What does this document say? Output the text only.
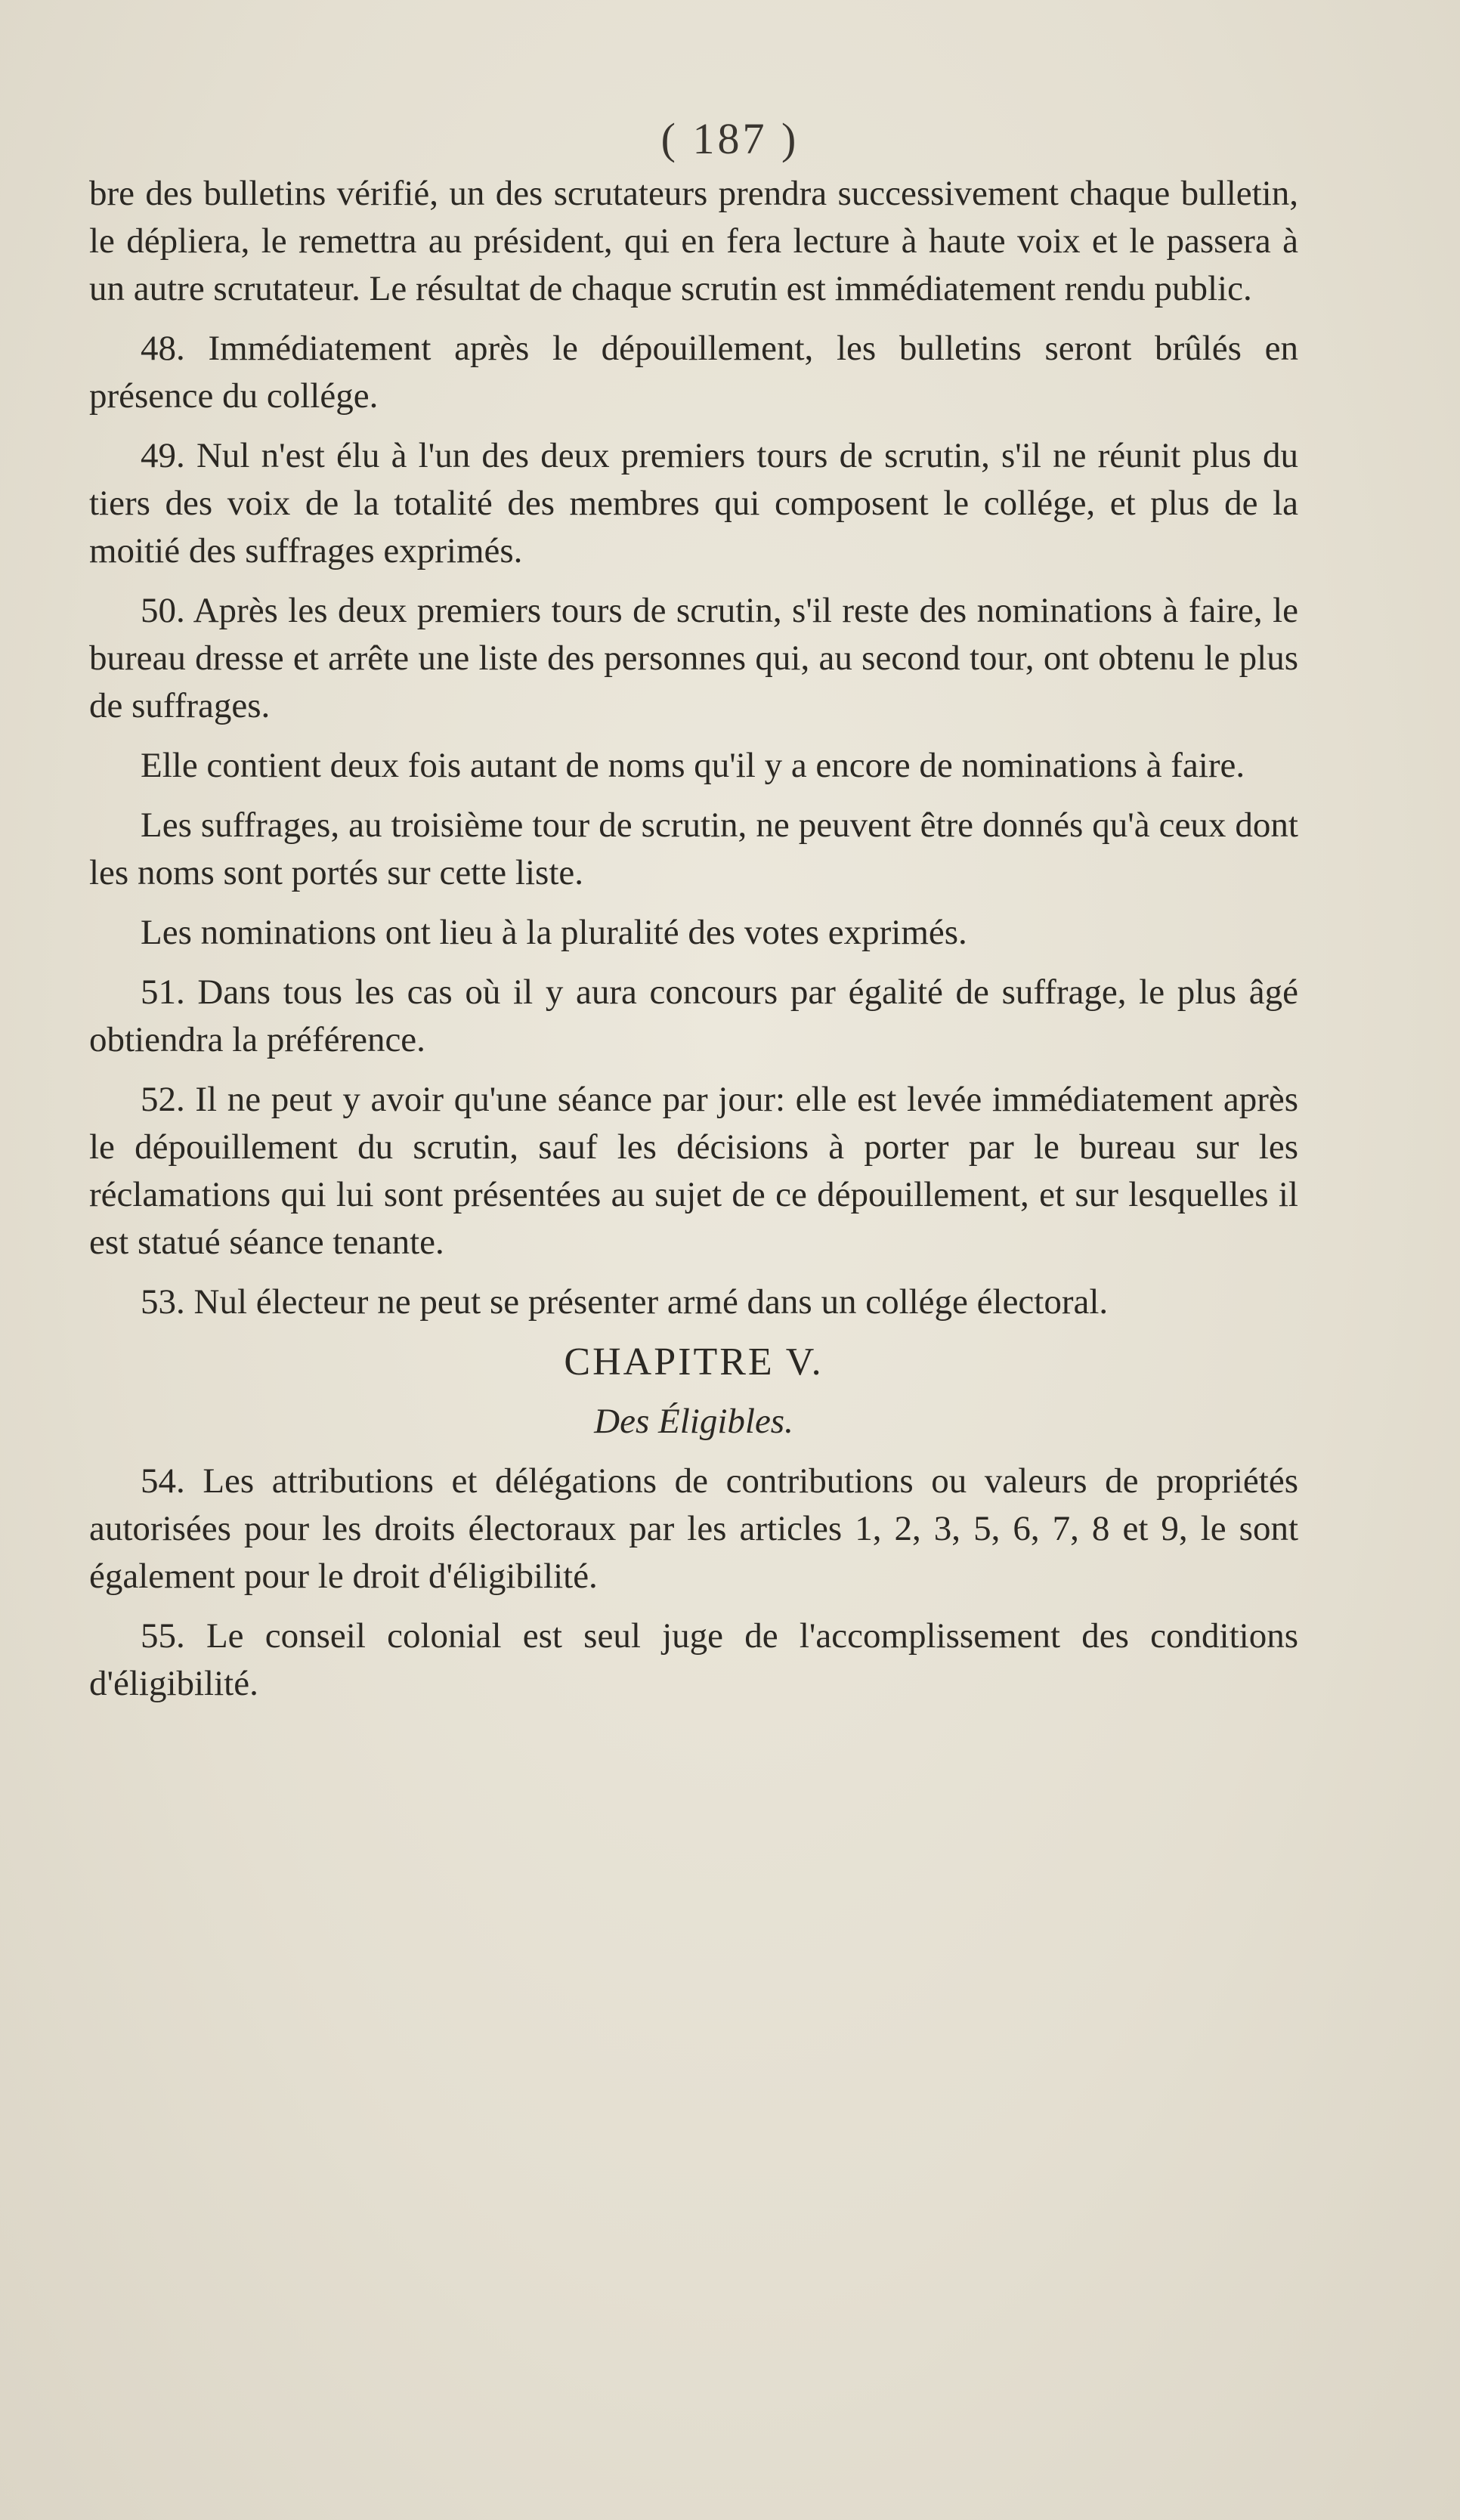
( 187 )

bre des bulletins vérifié, un des scrutateurs prendra successivement chaque bulletin, le dépliera, le remettra au président, qui en fera lecture à haute voix et le passera à un autre scrutateur. Le résultat de chaque scrutin est immédiatement rendu public.

48. Immédiatement après le dépouillement, les bulletins seront brûlés en présence du collége.

49. Nul n'est élu à l'un des deux premiers tours de scrutin, s'il ne réunit plus du tiers des voix de la totalité des membres qui composent le collége, et plus de la moitié des suffrages exprimés.

50. Après les deux premiers tours de scrutin, s'il reste des nominations à faire, le bureau dresse et arrête une liste des personnes qui, au second tour, ont obtenu le plus de suffrages.

Elle contient deux fois autant de noms qu'il y a encore de nominations à faire.

Les suffrages, au troisième tour de scrutin, ne peuvent être donnés qu'à ceux dont les noms sont portés sur cette liste.

Les nominations ont lieu à la pluralité des votes exprimés.

51. Dans tous les cas où il y aura concours par égalité de suffrage, le plus âgé obtiendra la préférence.

52. Il ne peut y avoir qu'une séance par jour: elle est levée immédiatement après le dépouillement du scrutin, sauf les décisions à porter par le bureau sur les réclamations qui lui sont présentées au sujet de ce dépouillement, et sur lesquelles il est statué séance tenante.

53. Nul électeur ne peut se présenter armé dans un collége électoral.

CHAPITRE V.

Des Éligibles.

54. Les attributions et délégations de contributions ou valeurs de propriétés autorisées pour les droits électoraux par les articles 1, 2, 3, 5, 6, 7, 8 et 9, le sont également pour le droit d'éligibilité.

55. Le conseil colonial est seul juge de l'accomplissement des conditions d'éligibilité.
